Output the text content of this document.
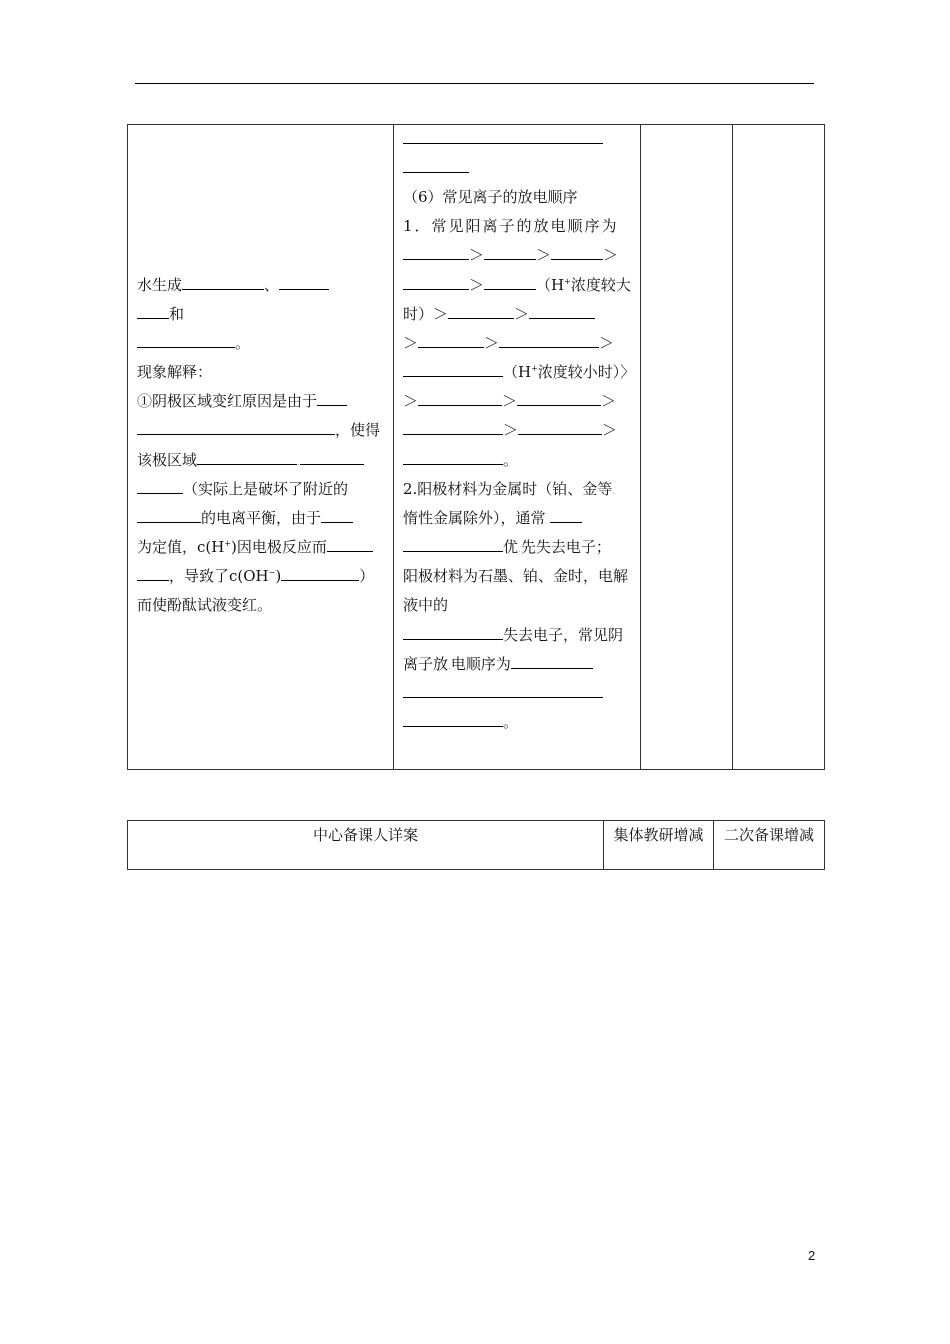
水生成	、
和
。
现象解释：
①阴极区域变红原因是由于
，使得
该极区域	.
（实际上是破坏了附近的
的电离平衡，由于
为定值，c(H+)因电极反应而
，导致了c(OH−)	）
而使酚酞试液变红。

（6）常见离子的放电顺序
1．常见阳离子的放电顺序为
＞	＞	＞
＞	（H+浓度较大
时）＞	＞
＞	＞	＞
（H+浓度较小时）〉
＞	＞	＞
＞	＞
。
2.阳极材料为金属时（铂、金等.
惰性金属除外），通常
优.先失去电子；
阳极材料为石墨、铂、金时，电解
液中的
失去电子，常见阴
离子放.电顺序为
。

中心备课人详案	集体教研增减	二次备课增减
2
